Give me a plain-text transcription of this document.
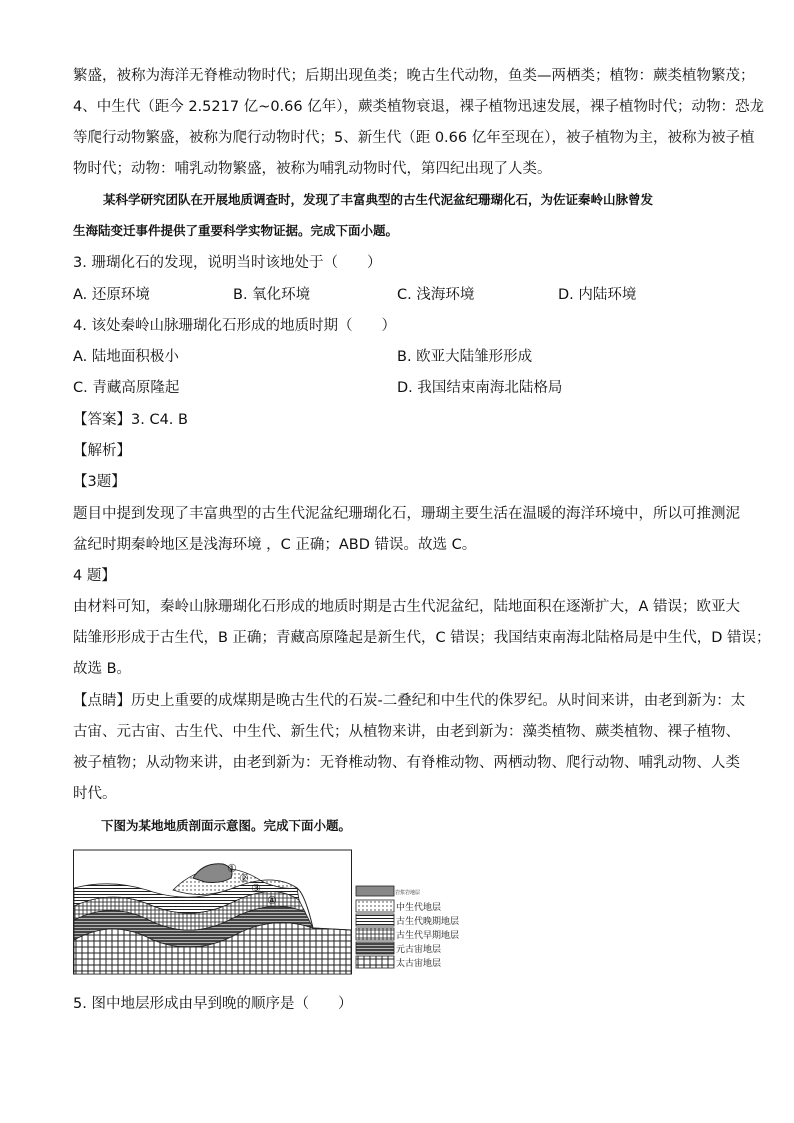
繁盛，被称为海洋无脊椎动物时代；后期出现鱼类；晚古生代动物，鱼类—两栖类；植物：蕨类植物繁茂；
4、中生代（距今 2.5217 亿~0.66 亿年），蕨类植物衰退，裸子植物迅速发展，裸子植物时代；动物：恐龙
等爬行动物繁盛，被称为爬行动物时代；5、新生代（距 0.66 亿年至现在），被子植物为主，被称为被子植
物时代；动物：哺乳动物繁盛，被称为哺乳动物时代，第四纪出现了人类。
某科学研究团队在开展地质调查时，发现了丰富典型的古生代泥盆纪珊瑚化石，为佐证秦岭山脉曾发
生海陆变迁事件提供了重要科学实物证据。完成下面小题。
3. 珊瑚化石的发现，说明当时该地处于（　　）
A. 还原环境	B. 氧化环境	C. 浅海环境	D. 内陆环境
4. 该处秦岭山脉珊瑚化石形成的地质时期（　　）
A. 陆地面积极小	B. 欧亚大陆雏形形成
C. 青藏高原隆起	D. 我国结束南海北陆格局
【答案】3. C4. B
【解析】
【3题】
题目中提到发现了丰富典型的古生代泥盆纪珊瑚化石，珊瑚主要生活在温暖的海洋环境中，所以可推测泥
盆纪时期秦岭地区是浅海环境 ，C 正确；ABD 错误。故选 C。
4 题】
由材料可知，秦岭山脉珊瑚化石形成的地质时期是古生代泥盆纪，陆地面积在逐渐扩大，A 错误；欧亚大
陆雏形形成于古生代，B 正确；青藏高原隆起是新生代，C 错误；我国结束南海北陆格局是中生代，D 错误；
故选 B。
【点睛】历史上重要的成煤期是晚古生代的石炭-二叠纪和中生代的侏罗纪。从时间来讲，由老到新为：太
古宙、元古宙、古生代、中生代、新生代；从植物来讲，由老到新为：藻类植物、蕨类植物、裸子植物、
被子植物；从动物来讲，由老到新为：无脊椎动物、有脊椎动物、两栖动物、爬行动物、哺乳动物、人类
时代。
下图为某地地质剖面示意图。完成下面小题。
①
②
③
④
岩浆岩地层
中生代地层
古生代晚期地层
古生代早期地层
元古宙地层
太古宙地层
5. 图中地层形成由早到晚的顺序是（　　）
